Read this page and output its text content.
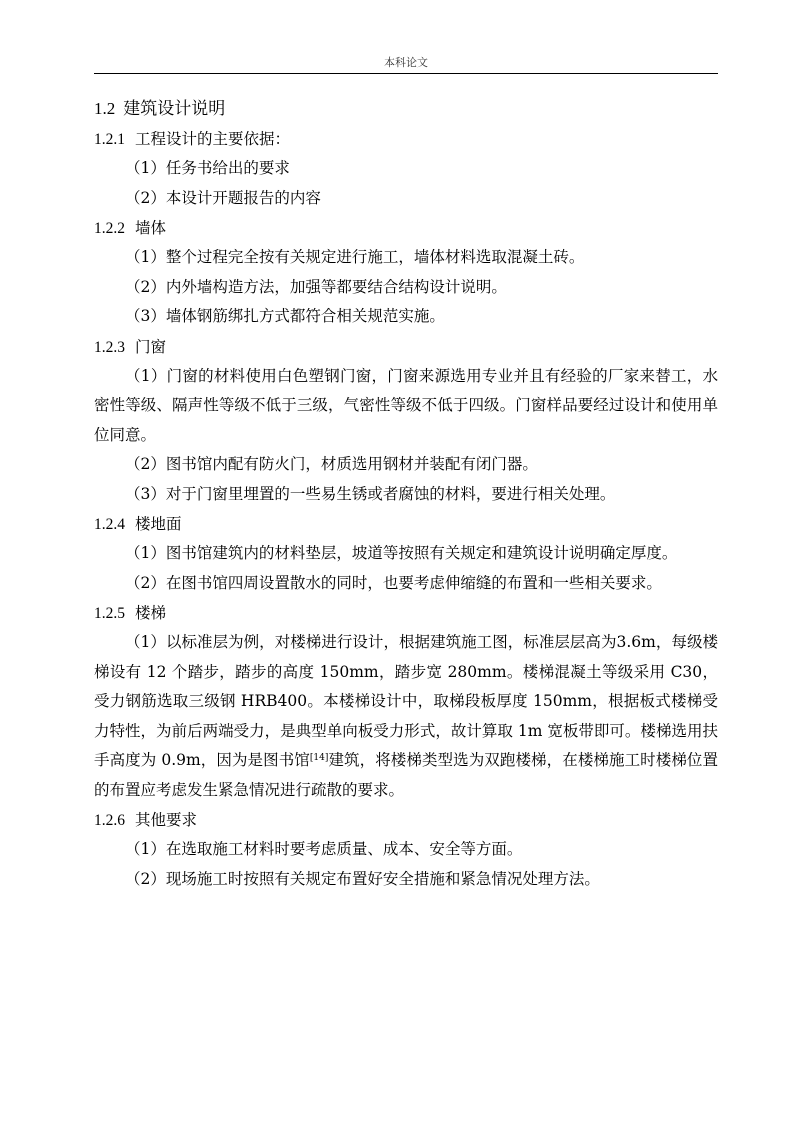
本科论文
1.2 建筑设计说明
1.2.1 工程设计的主要依据：

（1）任务书给出的要求

（2）本设计开题报告的内容

1.2.2 墙体

（1）整个过程完全按有关规定进行施工，墙体材料选取混凝土砖。

（2）内外墙构造方法，加强等都要结合结构设计说明。

（3）墙体钢筋绑扎方式都符合相关规范实施。

1.2.3 门窗

（1）门窗的材料使用白色塑钢门窗，门窗来源选用专业并且有经验的厂家来替工，水密性等级、隔声性等级不低于三级，气密性等级不低于四级。门窗样品要经过设计和使用单位同意。

（2）图书馆内配有防火门，材质选用钢材并装配有闭门器。

（3）对于门窗里埋置的一些易生锈或者腐蚀的材料，要进行相关处理。

1.2.4 楼地面

（1）图书馆建筑内的材料垫层，坡道等按照有关规定和建筑设计说明确定厚度。

（2）在图书馆四周设置散水的同时，也要考虑伸缩缝的布置和一些相关要求。

1.2.5 楼梯

（1）以标准层为例，对楼梯进行设计，根据建筑施工图，标准层层高为3.6m，每级楼梯设有 12 个踏步，踏步的高度 150mm，踏步宽 280mm。楼梯混凝土等级采用 C30，受力钢筋选取三级钢 HRB400。本楼梯设计中，取梯段板厚度 150mm，根据板式楼梯受力特性，为前后两端受力，是典型单向板受力形式，故计算取 1m 宽板带即可。楼梯选用扶手高度为 0.9m，因为是图书馆[14]建筑，将楼梯类型选为双跑楼梯，在楼梯施工时楼梯位置的布置应考虑发生紧急情况进行疏散的要求。

1.2.6 其他要求

（1）在选取施工材料时要考虑质量、成本、安全等方面。

（2）现场施工时按照有关规定布置好安全措施和紧急情况处理方法。
